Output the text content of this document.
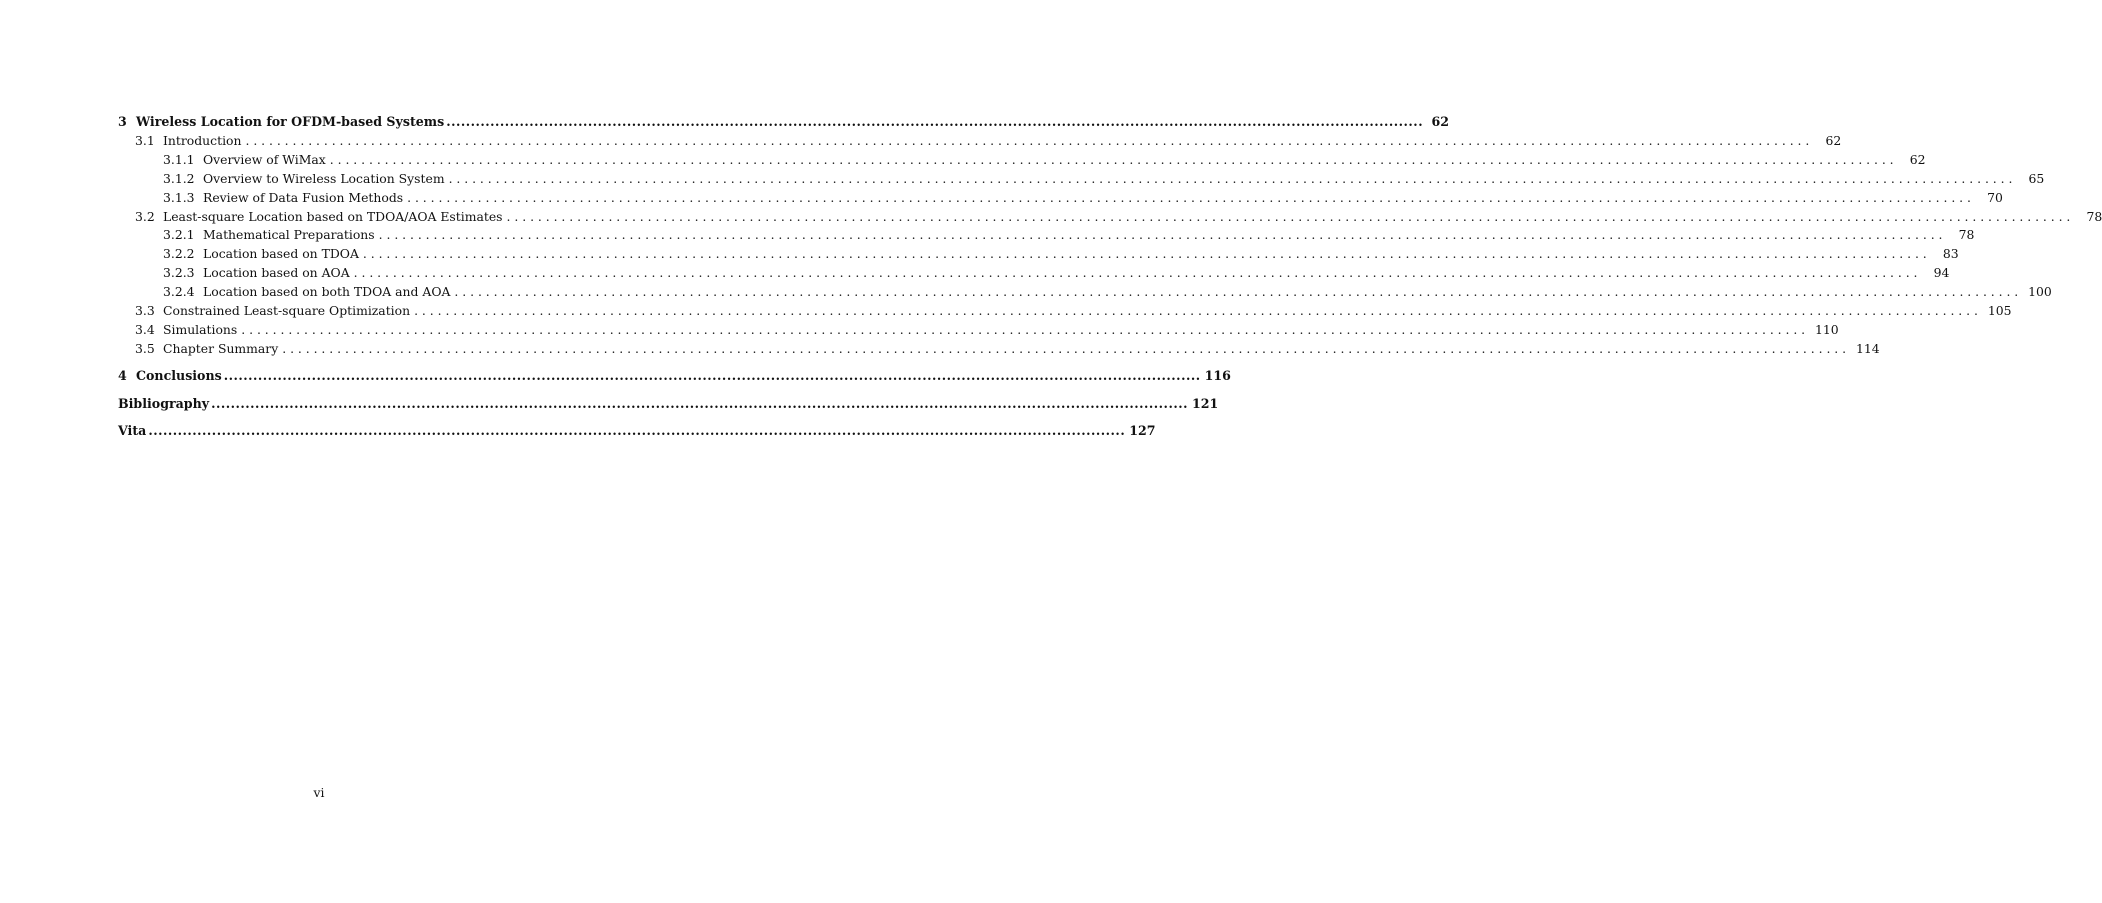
3 Wireless Location for OFDM-based Systems ........................................................................................................................................................................................................ 62
3.1 Introduction ........................................................................................................................................................................................................ 62
3.1.1 Overview of WiMax ........................................................................................................................................................................................................ 62
3.1.2 Overview to Wireless Location System ........................................................................................................................................................................................................ 65
3.1.3 Review of Data Fusion Methods ........................................................................................................................................................................................................ 70
3.2 Least-square Location based on TDOA/AOA Estimates ........................................................................................................................................................................................................ 78
3.2.1 Mathematical Preparations ........................................................................................................................................................................................................ 78
3.2.2 Location based on TDOA ........................................................................................................................................................................................................ 83
3.2.3 Location based on AOA ........................................................................................................................................................................................................ 94
3.2.4 Location based on both TDOA and AOA ........................................................................................................................................................................................................ 100
3.3 Constrained Least-square Optimization ........................................................................................................................................................................................................ 105
3.4 Simulations ........................................................................................................................................................................................................ 110
3.5 Chapter Summary ........................................................................................................................................................................................................ 114
4 Conclusions ........................................................................................................................................................................................................ 116
Bibliography ........................................................................................................................................................................................................ 121
Vita ........................................................................................................................................................................................................ 127
vi
